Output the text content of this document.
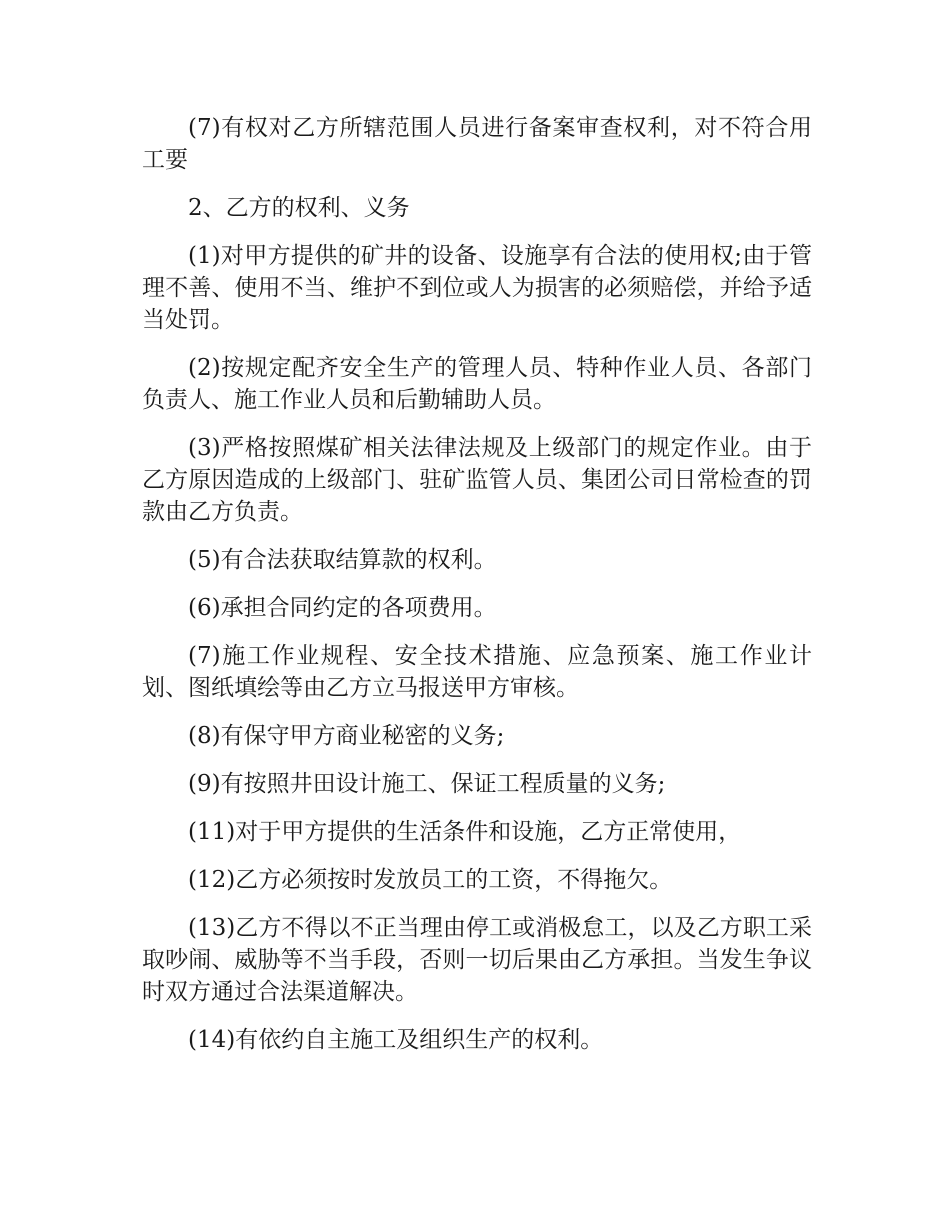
(7)有权对乙方所辖范围人员进行备案审查权利，对不符合用工要

2、乙方的权利、义务

(1)对甲方提供的矿井的设备、设施享有合法的使用权;由于管理不善、使用不当、维护不到位或人为损害的必须赔偿，并给予适当处罚。

(2)按规定配齐安全生产的管理人员、特种作业人员、各部门负责人、施工作业人员和后勤辅助人员。

(3)严格按照煤矿相关法律法规及上级部门的规定作业。由于乙方原因造成的上级部门、驻矿监管人员、集团公司日常检查的罚款由乙方负责。

(5)有合法获取结算款的权利。

(6)承担合同约定的各项费用。

(7)施工作业规程、安全技术措施、应急预案、施工作业计划、图纸填绘等由乙方立马报送甲方审核。

(8)有保守甲方商业秘密的义务;

(9)有按照井田设计施工、保证工程质量的义务;

(11)对于甲方提供的生活条件和设施，乙方正常使用，

(12)乙方必须按时发放员工的工资，不得拖欠。

(13)乙方不得以不正当理由停工或消极怠工，以及乙方职工采取吵闹、威胁等不当手段，否则一切后果由乙方承担。当发生争议时双方通过合法渠道解决。

(14)有依约自主施工及组织生产的权利。
